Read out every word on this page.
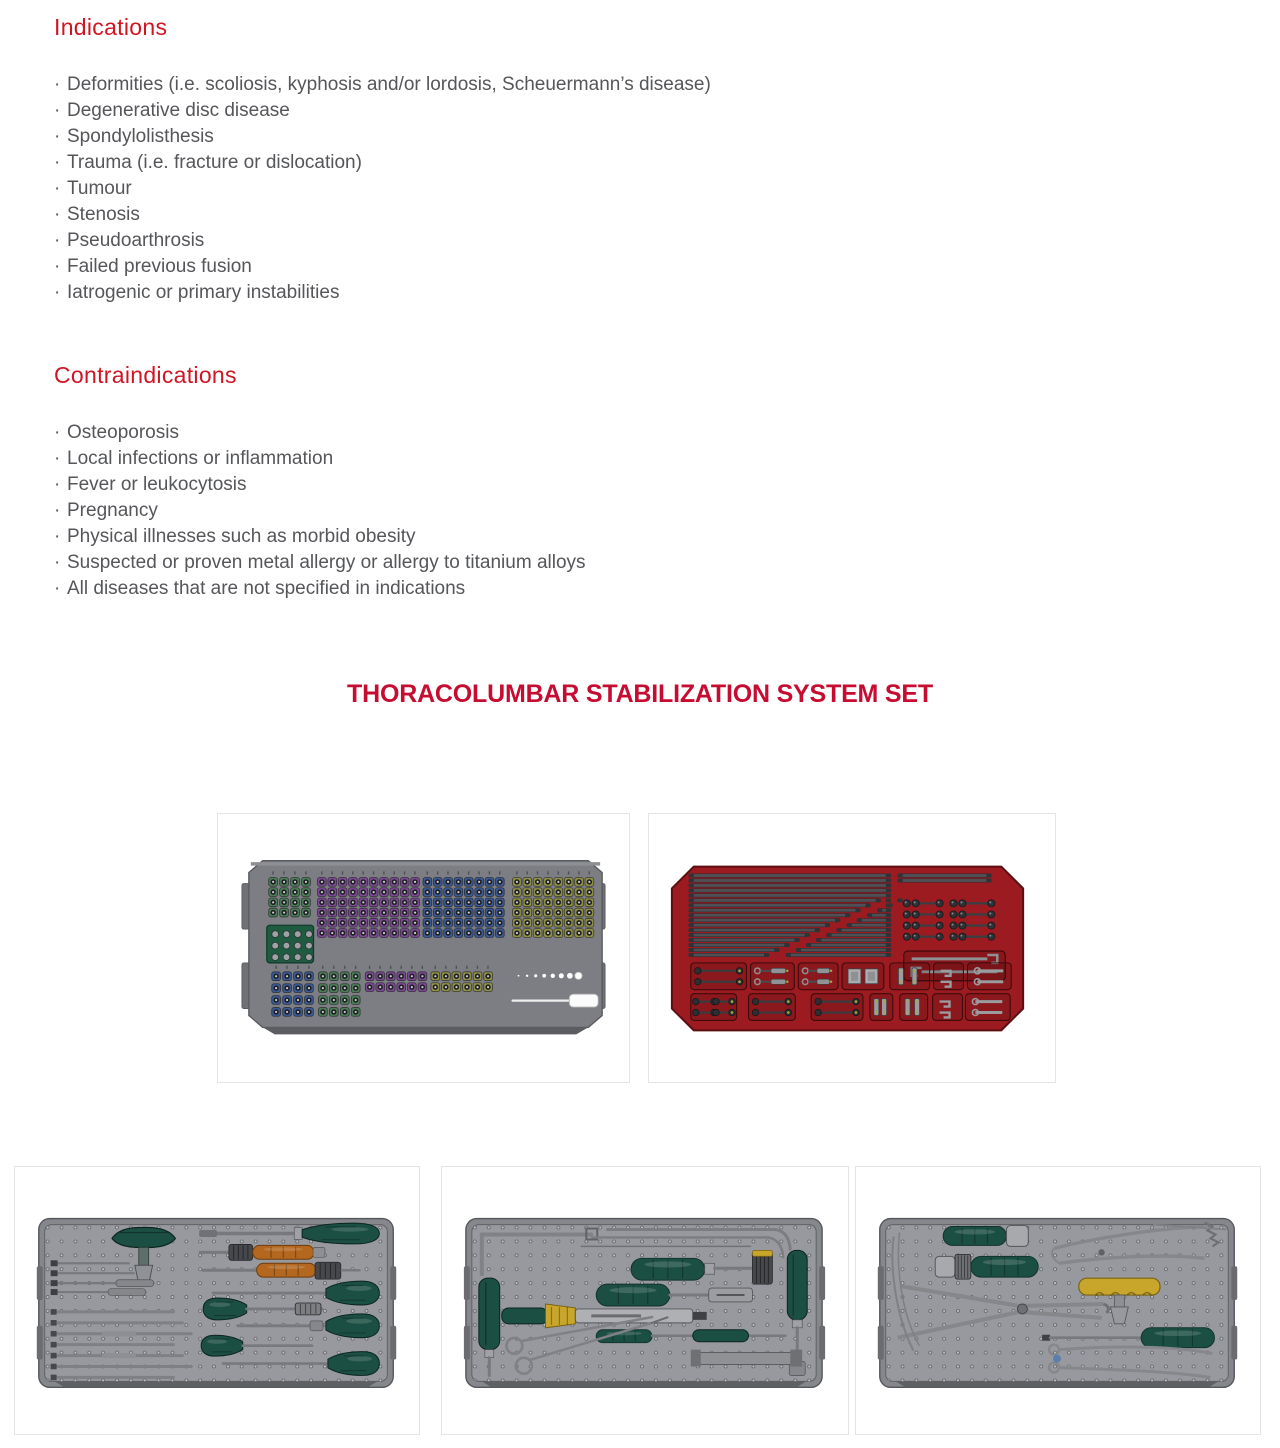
Indications
· Deformities (i.e. scoliosis, kyphosis and/or lordosis, Scheuermann’s disease)
· Degenerative disc disease
· Spondylolisthesis
· Trauma (i.e. fracture or dislocation)
· Tumour
· Stenosis
· Pseudoarthrosis
· Failed previous fusion
· Iatrogenic or primary instabilities
Contraindications
· Osteoporosis
· Local infections or inflammation
· Fever or leukocytosis
· Pregnancy
· Physical illnesses such as morbid obesity
· Suspected or proven metal allergy or allergy to titanium alloys
· All diseases that are not specified in indications
THORACOLUMBAR STABILIZATION SYSTEM SET
